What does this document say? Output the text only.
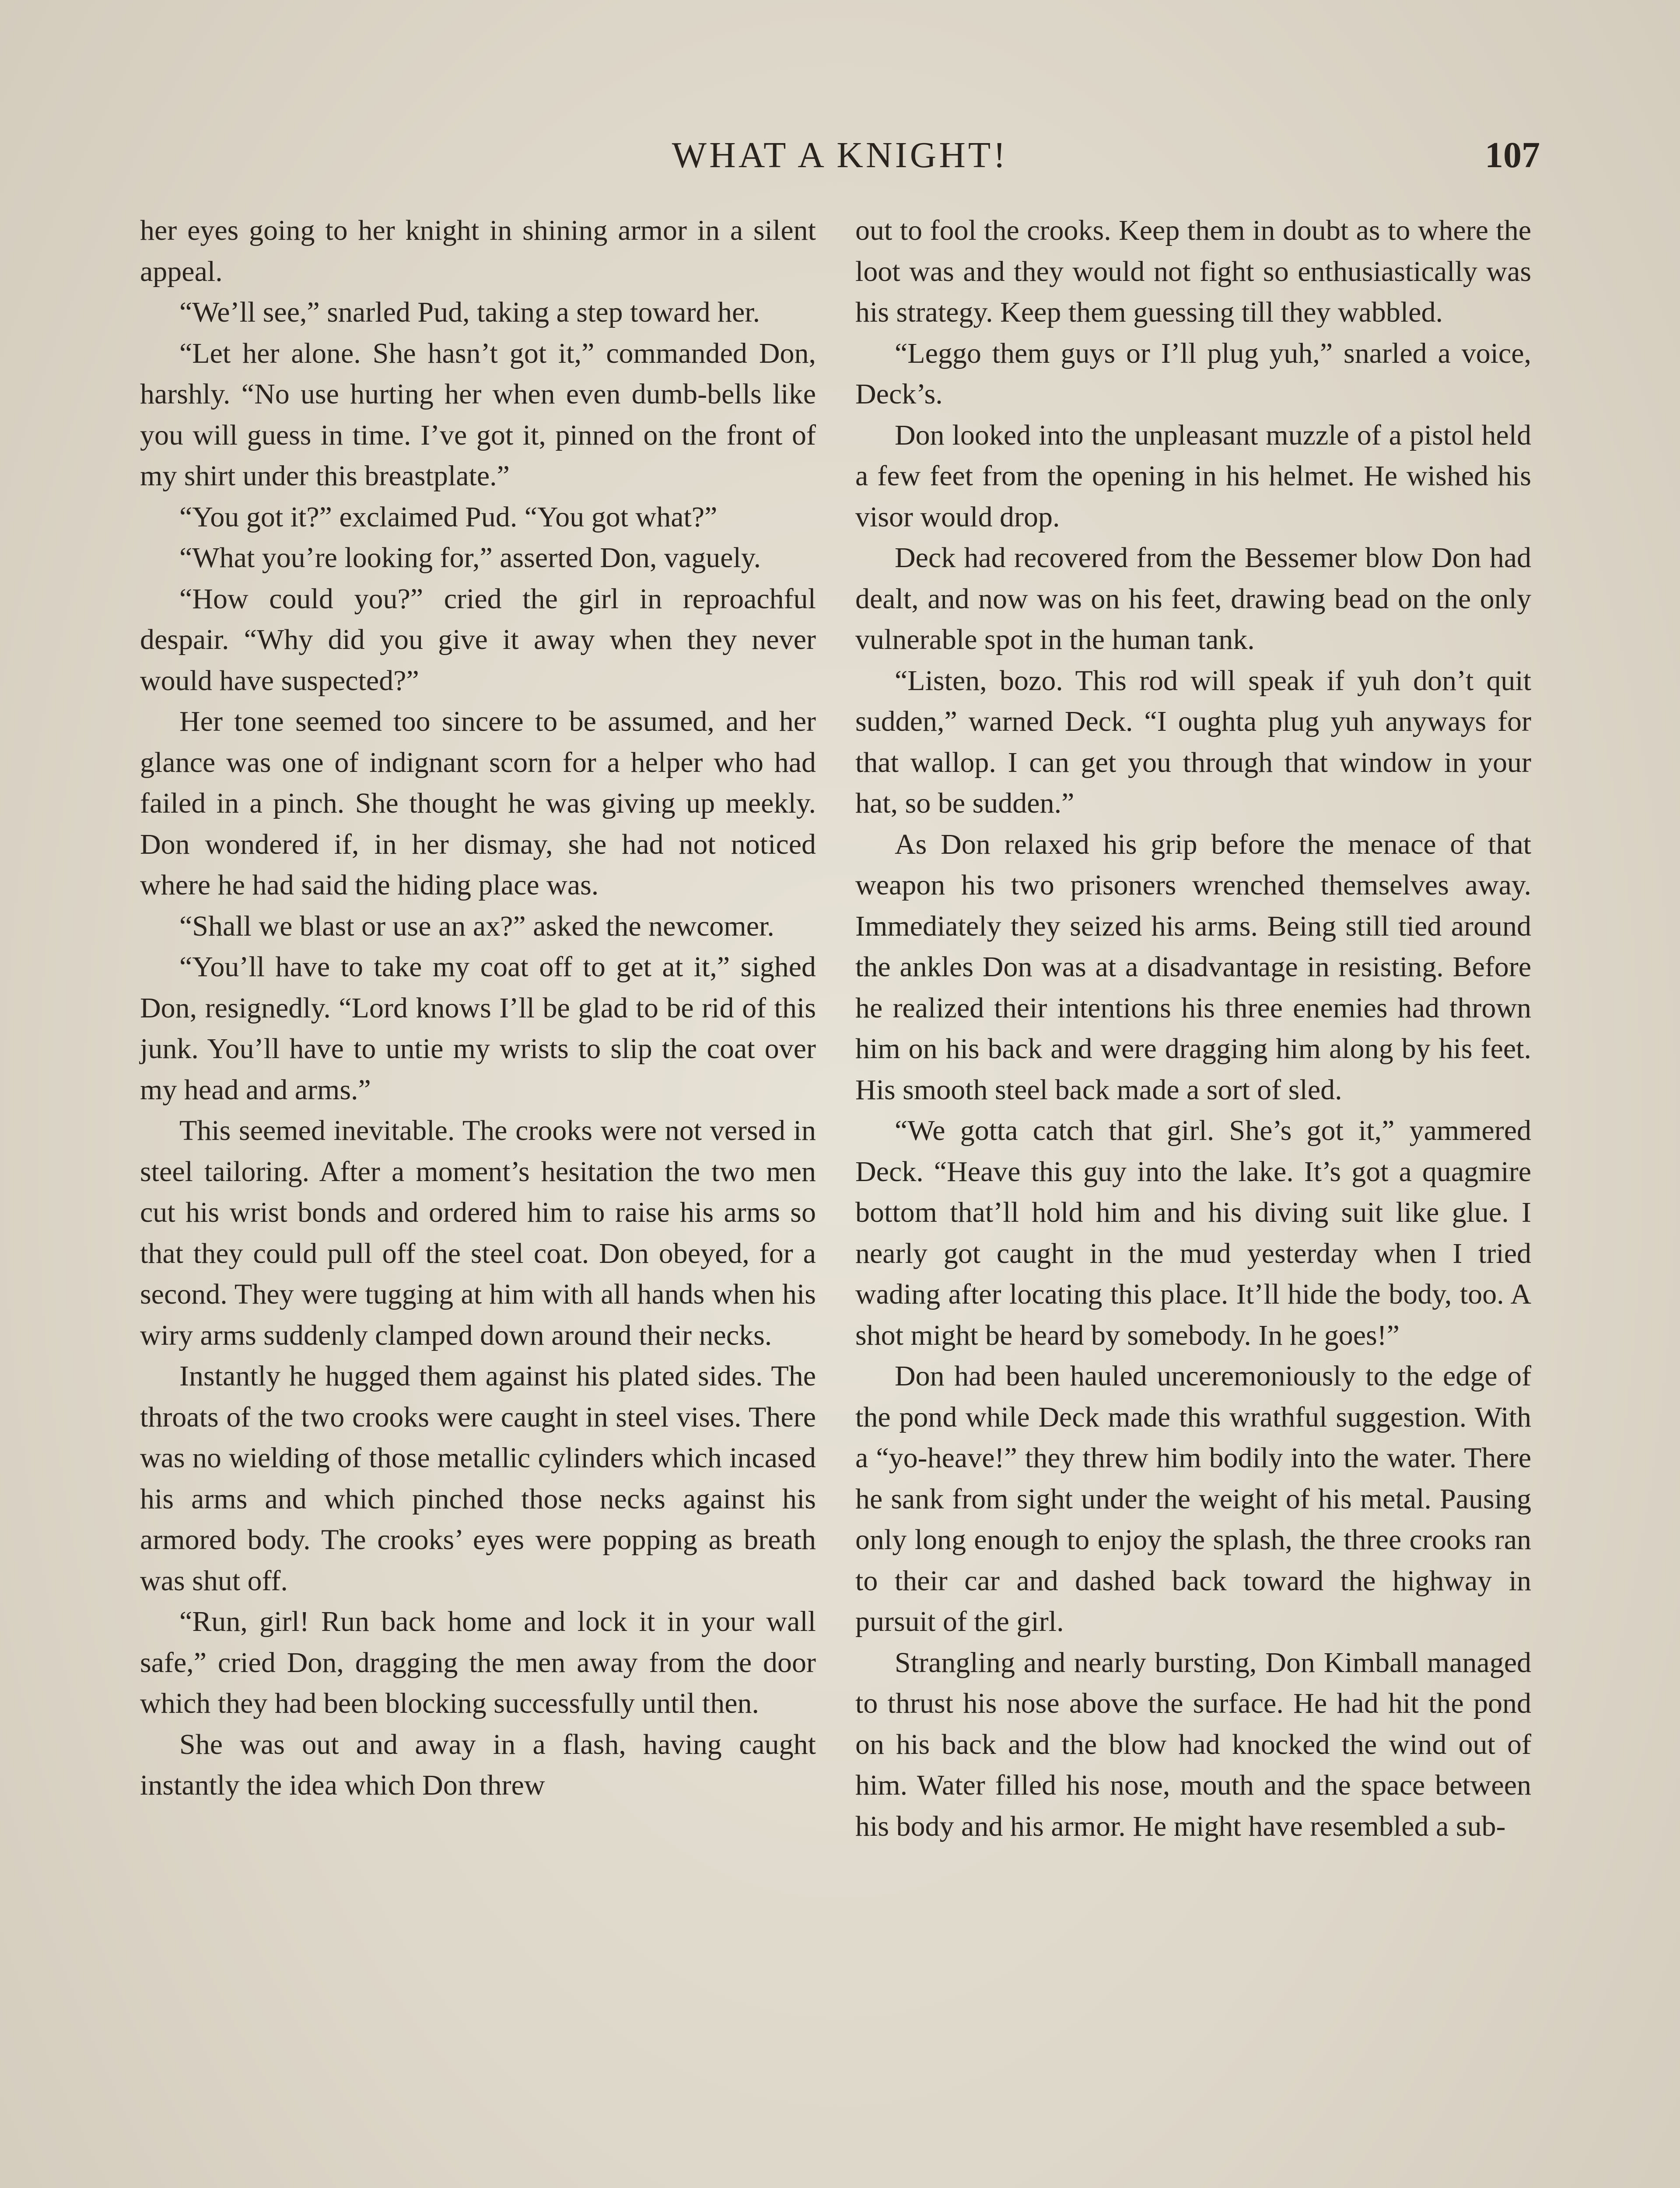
WHAT A KNIGHT!	107

her eyes going to her knight in shining armor in a silent appeal.

“We’ll see,” snarled Pud, taking a step toward her.

“Let her alone. She hasn’t got it,” commanded Don, harshly. “No use hurting her when even dumb-bells like you will guess in time. I’ve got it, pinned on the front of my shirt under this breastplate.”

“You got it?” exclaimed Pud. “You got what?”

“What you’re looking for,” asserted Don, vaguely.

“How could you?” cried the girl in reproachful despair. “Why did you give it away when they never would have suspected?”

Her tone seemed too sincere to be assumed, and her glance was one of indignant scorn for a helper who had failed in a pinch. She thought he was giving up meekly. Don wondered if, in her dismay, she had not noticed where he had said the hiding place was.

“Shall we blast or use an ax?” asked the newcomer.

“You’ll have to take my coat off to get at it,” sighed Don, resignedly. “Lord knows I’ll be glad to be rid of this junk. You’ll have to untie my wrists to slip the coat over my head and arms.”

This seemed inevitable. The crooks were not versed in steel tailoring. After a moment’s hesitation the two men cut his wrist bonds and ordered him to raise his arms so that they could pull off the steel coat. Don obeyed, for a second. They were tugging at him with all hands when his wiry arms suddenly clamped down around their necks.

Instantly he hugged them against his plated sides. The throats of the two crooks were caught in steel vises. There was no wielding of those metallic cylinders which incased his arms and which pinched those necks against his armored body. The crooks’ eyes were popping as breath was shut off.

“Run, girl! Run back home and lock it in your wall safe,” cried Don, dragging the men away from the door which they had been blocking successfully until then.

She was out and away in a flash, having caught instantly the idea which Don threw

out to fool the crooks. Keep them in doubt as to where the loot was and they would not fight so enthusiastically was his strategy. Keep them guessing till they wabbled.

“Leggo them guys or I’ll plug yuh,” snarled a voice, Deck’s.

Don looked into the unpleasant muzzle of a pistol held a few feet from the opening in his helmet. He wished his visor would drop.

Deck had recovered from the Bessemer blow Don had dealt, and now was on his feet, drawing bead on the only vulnerable spot in the human tank.

“Listen, bozo. This rod will speak if yuh don’t quit sudden,” warned Deck. “I oughta plug yuh anyways for that wallop. I can get you through that window in your hat, so be sudden.”

As Don relaxed his grip before the menace of that weapon his two prisoners wrenched themselves away. Immediately they seized his arms. Being still tied around the ankles Don was at a disadvantage in resisting. Before he realized their intentions his three enemies had thrown him on his back and were dragging him along by his feet. His smooth steel back made a sort of sled.

“We gotta catch that girl. She’s got it,” yammered Deck. “Heave this guy into the lake. It’s got a quagmire bottom that’ll hold him and his diving suit like glue. I nearly got caught in the mud yesterday when I tried wading after locating this place. It’ll hide the body, too. A shot might be heard by somebody. In he goes!”

Don had been hauled unceremoniously to the edge of the pond while Deck made this wrathful suggestion. With a “yo-heave!” they threw him bodily into the water. There he sank from sight under the weight of his metal. Pausing only long enough to enjoy the splash, the three crooks ran to their car and dashed back toward the highway in pursuit of the girl.

Strangling and nearly bursting, Don Kimball managed to thrust his nose above the surface. He had hit the pond on his back and the blow had knocked the wind out of him. Water filled his nose, mouth and the space between his body and his armor. He might have resembled a sub-
